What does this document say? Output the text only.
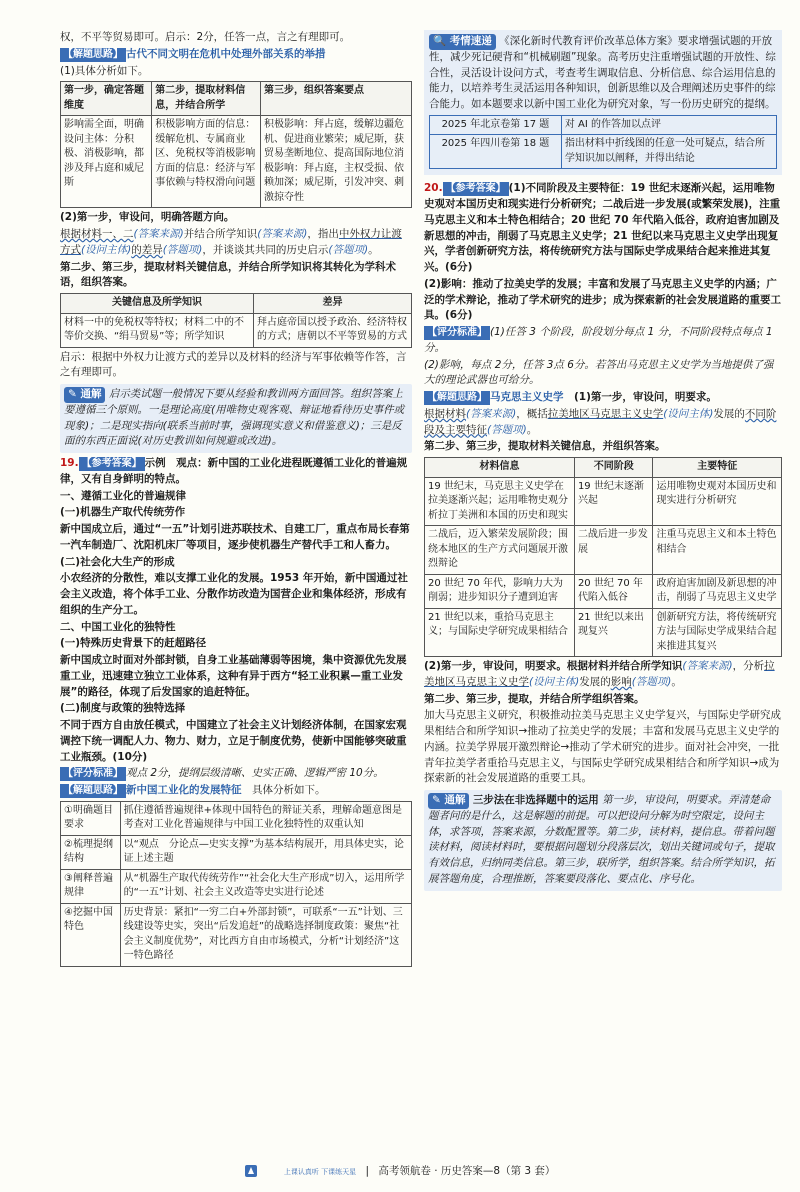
权，不平等贸易即可。启示：2分，任答一点，言之有理即可。

【解题思路】 古代不同文明在危机中处理外部关系的举措

(1)具体分析如下。

第一步，确定答题维度	第二步，提取材料信息，并结合所学	第三步，组织答案要点
影响需全面，明确设问主体：分积极、消极影响，都涉及拜占庭和威尼斯	积极影响方面的信息：缓解危机、专属商业区、免税权等消极影响方面的信息：经济与军事依赖与特权滑向问题	积极影响：拜占庭，缓解边疆危机、促进商业繁荣；威尼斯，获贸易垄断地位、提高国际地位消极影响：拜占庭，主权受损、依赖加深；威尼斯，引发冲突、刺激掠夺性

(2)第一步，审设问，明确答题方向。

根据材料一、二(答案来源)并结合所学知识(答案来源)，指出中外权力让渡方式(设问主体)的差异(答题项)，并谈谈其共同的历史启示(答题项)。

第二步、第三步，提取材料关键信息，并结合所学知识将其转化为学科术语，组织答案。

关键信息及所学知识	差异
材料一中的免税权等特权；材料二中的不等价交换、“绢马贸易”等；所学知识	拜占庭帝国以授予政治、经济特权的方式；唐朝以不平等贸易的方式

启示：根据中外权力让渡方式的差异以及材料的经济与军事依赖等作答，言之有理即可。

✎ 通解 启示类试题一般情况下要从经验和教训两方面回答。组织答案上要遵循三个原则。一是理论高度(用唯物史观客观、辩证地看待历史事件或现象)；二是现实指向(联系当前时事，强调现实意义和借鉴意义)；三是反面的东西正面说(对历史教训如何规避或改进)。

19. 【参考答案】 示例　观点：新中国的工业化进程既遵循工业化的普遍规律，又有自身鲜明的特点。

一、遵循工业化的普遍规律

(一)机器生产取代传统劳作

新中国成立后，通过“一五”计划引进苏联技术、自建工厂，重点布局长春第一汽车制造厂、沈阳机床厂等项目，逐步使机器生产替代手工和人畜力。

(二)社会化大生产的形成

小农经济的分散性，难以支撑工业化的发展。1953 年开始，新中国通过社会主义改造，将个体手工业、分散作坊改造为国营企业和集体经济，形成有组织的生产分工。

二、中国工业化的独特性

(一)特殊历史背景下的赶超路径

新中国成立时面对外部封锁，自身工业基础薄弱等困境，集中资源优先发展重工业，迅速建立独立工业体系，这种有异于西方“轻工业积累—重工业发展”的路径，体现了后发国家的追赶特征。

(二)制度与政策的独特选择

不同于西方自由放任模式，中国建立了社会主义计划经济体制，在国家宏观调控下统一调配人力、物力、财力，立足于制度优势，使新中国能够突破重工业瓶颈。(10分)

【评分标准】 观点 2分，提纲层级清晰、史实正确、逻辑严密 10分。

【解题思路】 新中国工业化的发展特征　 具体分析如下。

①明确题目要求	抓住遵循普遍规律+体现中国特色的辩证关系，理解命题意图是考查对工业化普遍规律与中国工业化独特性的双重认知
②梳理提纲结构	以“观点　分论点—史实支撑”为基本结构展开，用具体史实，论证上述主题
③阐释普遍规律	从“机器生产取代传统劳作”“社会化大生产形成”切入，运用所学的“一五”计划、社会主义改造等史实进行论述
④挖掘中国特色	历史背景：紧扣“一穷二白+外部封锁”，可联系“一五”计划、三线建设等史实，突出“后发追赶”的战略选择制度政策：聚焦“社会主义制度优势”，对比西方自由市场模式，分析“计划经济”这一特色路径

🔍 考情速递 《深化新时代教育评价改革总体方案》要求增强试题的开放性，减少死记硬背和“机械刷题”现象。高考历史注重增强试题的开放性、综合性，灵活设计设问方式，考查考生调取信息、分析信息、综合运用信息的能力，以培养考生灵活运用各种知识，创新思维以及合理阐述历史事件的综合能力。如本题要求以新中国工业化为研究对象，写一份历史研究的提纲。

2025 年北京卷第 17 题	对 AI 的作答加以点评
2025 年四川卷第 18 题	指出材料中折线图的任意一处可疑点，结合所学知识加以阐释，并得出结论

20. 【参考答案】 (1)不同阶段及主要特征：19 世纪末逐渐兴起，运用唯物史观对本国历史和现实进行分析研究；二战后进一步发展(或繁荣发展)，注重马克思主义和本土特色相结合；20 世纪 70 年代陷入低谷，政府迫害加剧及新思想的冲击，削弱了马克思主义史学；21 世纪以来马克思主义史学出现复兴，学者创新研究方法，将传统研究方法与国际史学成果结合起来推进其复兴。(6分)

(2)影响：推动了拉美史学的发展；丰富和发展了马克思主义史学的内涵；广泛的学术辩论，推动了学术研究的进步；成为探索新的社会发展道路的重要工具。(6分)

【评分标准】 (1)任答 3 个阶段，阶段划分每点 1 分，不同阶段特点每点 1 分。

(2)影响，每点 2分，任答 3点 6分。若答出马克思主义史学为当地提供了强大的理论武器也可给分。

【解题思路】 马克思主义史学　 (1)第一步，审设问，明要求。

根据材料(答案来源)，概括拉美地区马克思主义史学(设问主体)发展的不同阶段及主要特征(答题项)。

第二步、第三步，提取材料关键信息，并组织答案。

材料信息	不同阶段	主要特征
19 世纪末，马克思主义史学在拉美逐渐兴起；运用唯物史观分析拉丁美洲和本国的历史和现实	19 世纪末逐渐兴起	运用唯物史观对本国历史和现实进行分析研究
二战后，迈入繁荣发展阶段；围绕本地区的生产方式问题展开激烈辩论	二战后进一步发展	注重马克思主义和本土特色相结合
20 世纪 70 年代，影响力大为削弱；进步知识分子遭到迫害	20 世纪 70 年代陷入低谷	政府迫害加剧及新思想的冲击，削弱了马克思主义史学
21 世纪以来，重拾马克思主义；与国际史学研究成果相结合	21 世纪以来出现复兴	创新研究方法，将传统研究方法与国际史学成果结合起来推进其复兴

(2)第一步，审设问，明要求。根据材料并结合所学知识(答案来源)，分析拉美地区马克思主义史学(设问主体)发展的影响(答题项)。

第二步、第三步，提取，并结合所学组织答案。

加大马克思主义研究，积极推动拉美马克思主义史学复兴，与国际史学研究成果相结合和所学知识→推动了拉美史学的发展；丰富和发展马克思主义史学的内涵。拉美学界展开激烈辩论→推动了学术研究的进步。面对社会冲突，一批青年拉美学者重拾马克思主义，与国际史学研究成果相结合和所学知识→成为探索新的社会发展道路的重要工具。

✎ 通解 三步法在非选择题中的运用 第一步，审设问，明要求。弄清楚命题者问的是什么，这是解题的前提。可以把设问分解为时空限定，设问主体，求答项，答案来源，分数配置等。第二步，读材料，提信息。带着问题读材料，阅读材料时，要根据问题划分段落层次，划出关键词或句子，提取有效信息，归纳同类信息。第三步，联所学，组织答案。结合所学知识，拓展答题角度，合理推断，答案要段落化、要点化、序号化。
上课认真听 下课练天星 | 高考领航卷 · 历史答案—8（第 3 套）
